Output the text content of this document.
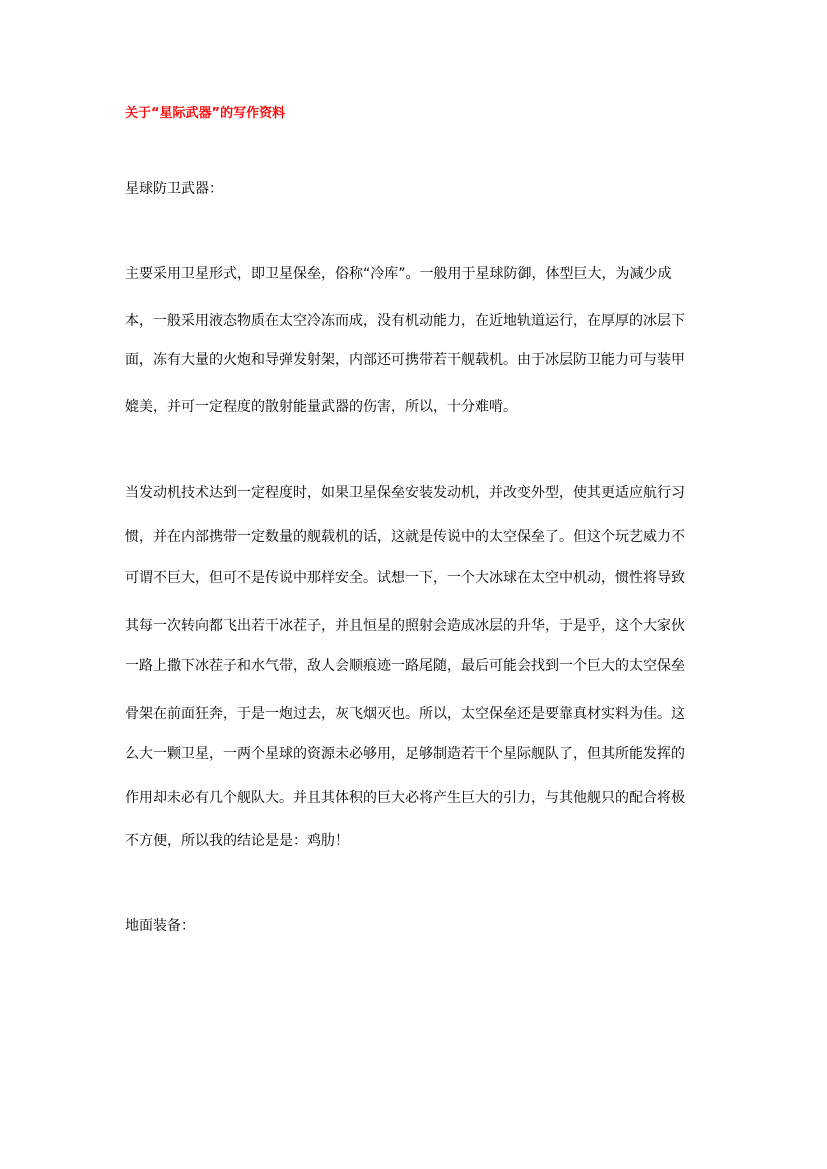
关于“星际武器”的写作资料
星球防卫武器：
主要采用卫星形式，即卫星保垒，俗称“冷库”。一般用于星球防御，体型巨大，为减少成
本，一般采用液态物质在太空冷冻而成，没有机动能力，在近地轨道运行，在厚厚的冰层下
面，冻有大量的火炮和导弹发射架，内部还可携带若干舰载机。由于冰层防卫能力可与装甲
媲美，并可一定程度的散射能量武器的伤害，所以，十分难啃。
当发动机技术达到一定程度时，如果卫星保垒安装发动机，并改变外型，使其更适应航行习
惯，并在内部携带一定数量的舰载机的话，这就是传说中的太空保垒了。但这个玩艺威力不
可谓不巨大，但可不是传说中那样安全。试想一下，一个大冰球在太空中机动，惯性将导致
其每一次转向都飞出若干冰茬子，并且恒星的照射会造成冰层的升华，于是乎，这个大家伙
一路上撒下冰茬子和水气带，敌人会顺痕迹一路尾随，最后可能会找到一个巨大的太空保垒
骨架在前面狂奔，于是一炮过去，灰飞烟灭也。所以，太空保垒还是要靠真材实料为佳。这
么大一颗卫星，一两个星球的资源未必够用，足够制造若干个星际舰队了，但其所能发挥的
作用却未必有几个舰队大。并且其体积的巨大必将产生巨大的引力，与其他舰只的配合将极
不方便，所以我的结论是是：鸡肋！
地面装备：
